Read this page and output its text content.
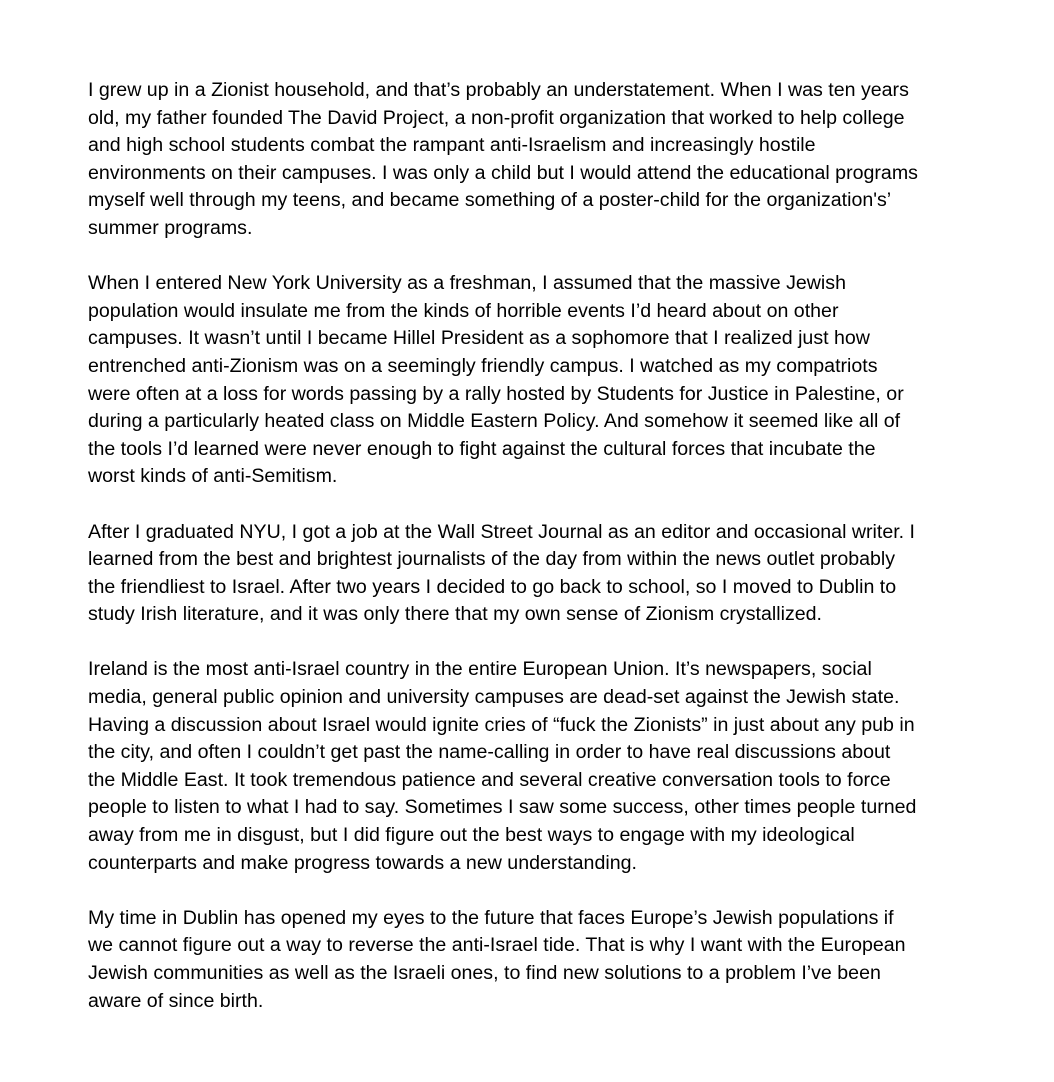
I grew up in a Zionist household, and that’s probably an understatement. When I was ten years
old, my father founded The David Project, a non-profit organization that worked to help college
and high school students combat the rampant anti-Israelism and increasingly hostile
environments on their campuses. I was only a child but I would attend the educational programs
myself well through my teens, and became something of a poster-child for the organization's’
summer programs.

When I entered New York University as a freshman, I assumed that the massive Jewish
population would insulate me from the kinds of horrible events I’d heard about on other
campuses. It wasn’t until I became Hillel President as a sophomore that I realized just how
entrenched anti-Zionism was on a seemingly friendly campus. I watched as my compatriots
were often at a loss for words passing by a rally hosted by Students for Justice in Palestine, or
during a particularly heated class on Middle Eastern Policy. And somehow it seemed like all of
the tools I’d learned were never enough to fight against the cultural forces that incubate the
worst kinds of anti-Semitism.

After I graduated NYU, I got a job at the Wall Street Journal as an editor and occasional writer. I
learned from the best and brightest journalists of the day from within the news outlet probably
the friendliest to Israel. After two years I decided to go back to school, so I moved to Dublin to
study Irish literature, and it was only there that my own sense of Zionism crystallized.

Ireland is the most anti-Israel country in the entire European Union. It’s newspapers, social
media, general public opinion and university campuses are dead-set against the Jewish state.
Having a discussion about Israel would ignite cries of “fuck the Zionists” in just about any pub in
the city, and often I couldn’t get past the name-calling in order to have real discussions about
the Middle East. It took tremendous patience and several creative conversation tools to force
people to listen to what I had to say. Sometimes I saw some success, other times people turned
away from me in disgust, but I did figure out the best ways to engage with my ideological
counterparts and make progress towards a new understanding.

My time in Dublin has opened my eyes to the future that faces Europe’s Jewish populations if
we cannot figure out a way to reverse the anti-Israel tide. That is why I want with the European
Jewish communities as well as the Israeli ones, to find new solutions to a problem I’ve been
aware of since birth.
